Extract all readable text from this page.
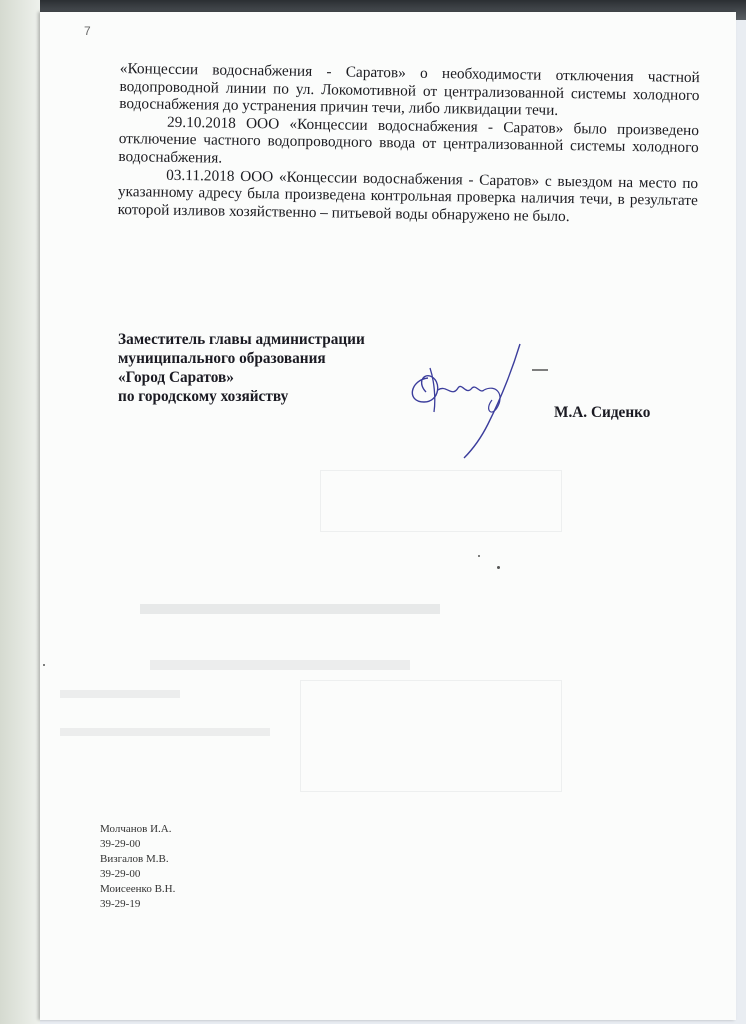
7

«Концессии водоснабжения - Саратов» о необходимости отключения частной водопроводной линии по ул. Локомотивной от централизованной системы холодного водоснабжения до устранения причин течи, либо ликвидации течи.

29.10.2018 ООО «Концессии водоснабжения - Саратов» было произведено отключение частного водопроводного ввода от централизованной системы холодного водоснабжения.

03.11.2018 ООО «Концессии водоснабжения - Саратов» с выездом на место по указанному адресу была произведена контрольная проверка наличия течи, в результате которой изливов хозяйственно – питьевой воды обнаружено не было.

Заместитель главы администрации
муниципального образования
«Город Саратов»
по городскому хозяйству
М.А. Сиденко
Молчанов И.А.
39-29-00
Визгалов М.В.
39-29-00
Моисеенко В.Н.
39-29-19
